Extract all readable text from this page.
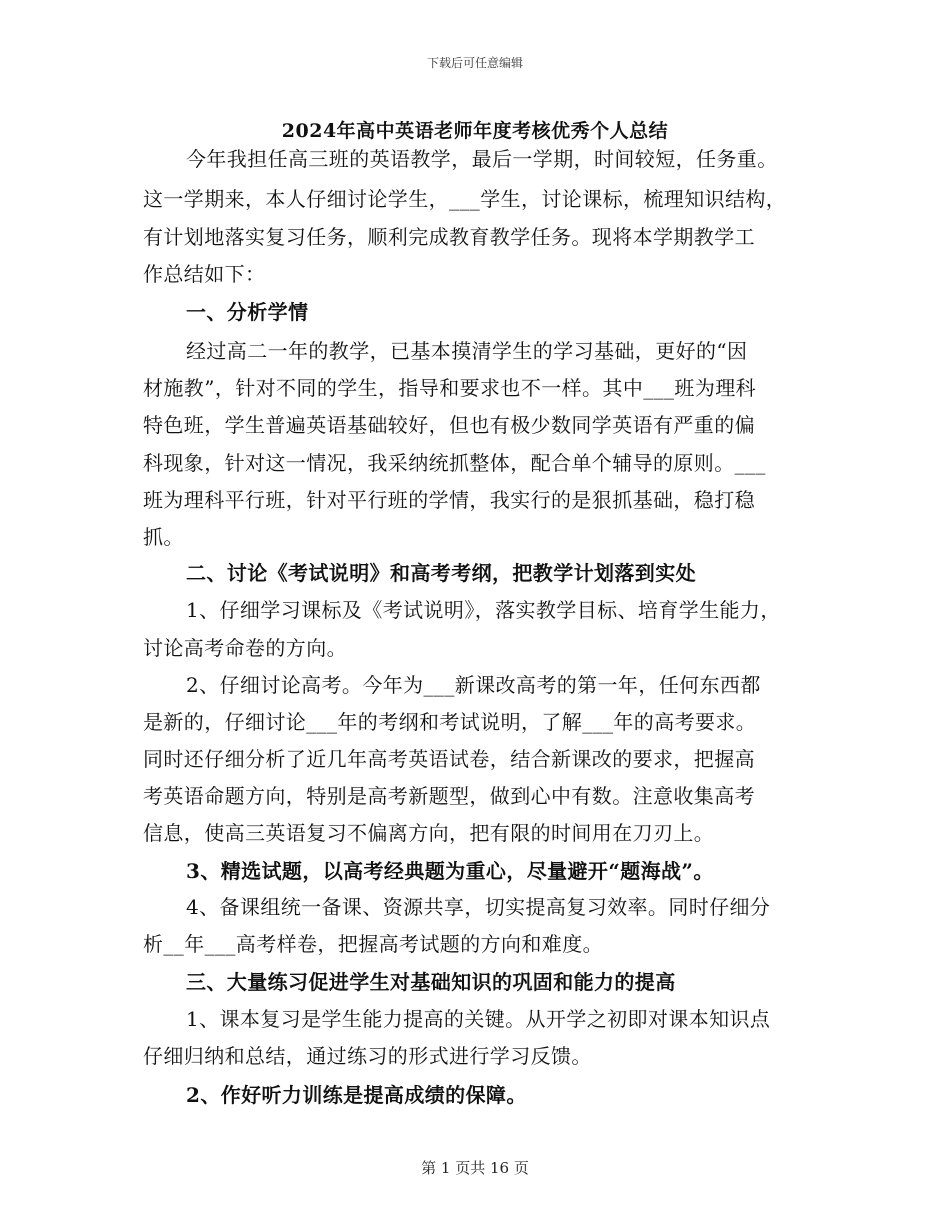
下载后可任意编辑
2024年高中英语老师年度考核优秀个人总结
今年我担任高三班的英语教学，最后一学期，时间较短，任务重。
这一学期来，本人仔细讨论学生，___学生，讨论课标，梳理知识结构，
有计划地落实复习任务，顺利完成教育教学任务。现将本学期教学工
作总结如下：
一、分析学情
经过高二一年的教学，已基本摸清学生的学习基础，更好的“因
材施教”，针对不同的学生，指导和要求也不一样。其中___班为理科
特色班，学生普遍英语基础较好，但也有极少数同学英语有严重的偏
科现象，针对这一情况，我采纳统抓整体，配合单个辅导的原则。___
班为理科平行班，针对平行班的学情，我实行的是狠抓基础，稳打稳
抓。
二、讨论《考试说明》和高考考纲，把教学计划落到实处
1、仔细学习课标及《考试说明》，落实教学目标、培育学生能力，
讨论高考命卷的方向。
2、仔细讨论高考。今年为___新课改高考的第一年，任何东西都
是新的，仔细讨论___年的考纲和考试说明，了解___年的高考要求。
同时还仔细分析了近几年高考英语试卷，结合新课改的要求，把握高
考英语命题方向，特别是高考新题型，做到心中有数。注意收集高考
信息，使高三英语复习不偏离方向，把有限的时间用在刀刃上。
3、精选试题，以高考经典题为重心，尽量避开“题海战”。
4、备课组统一备课、资源共享，切实提高复习效率。同时仔细分
析__年___高考样卷，把握高考试题的方向和难度。
三、大量练习促进学生对基础知识的巩固和能力的提高
1、课本复习是学生能力提高的关键。从开学之初即对课本知识点
仔细归纳和总结，通过练习的形式进行学习反馈。
2、作好听力训练是提高成绩的保障。
第 1 页共 16 页
